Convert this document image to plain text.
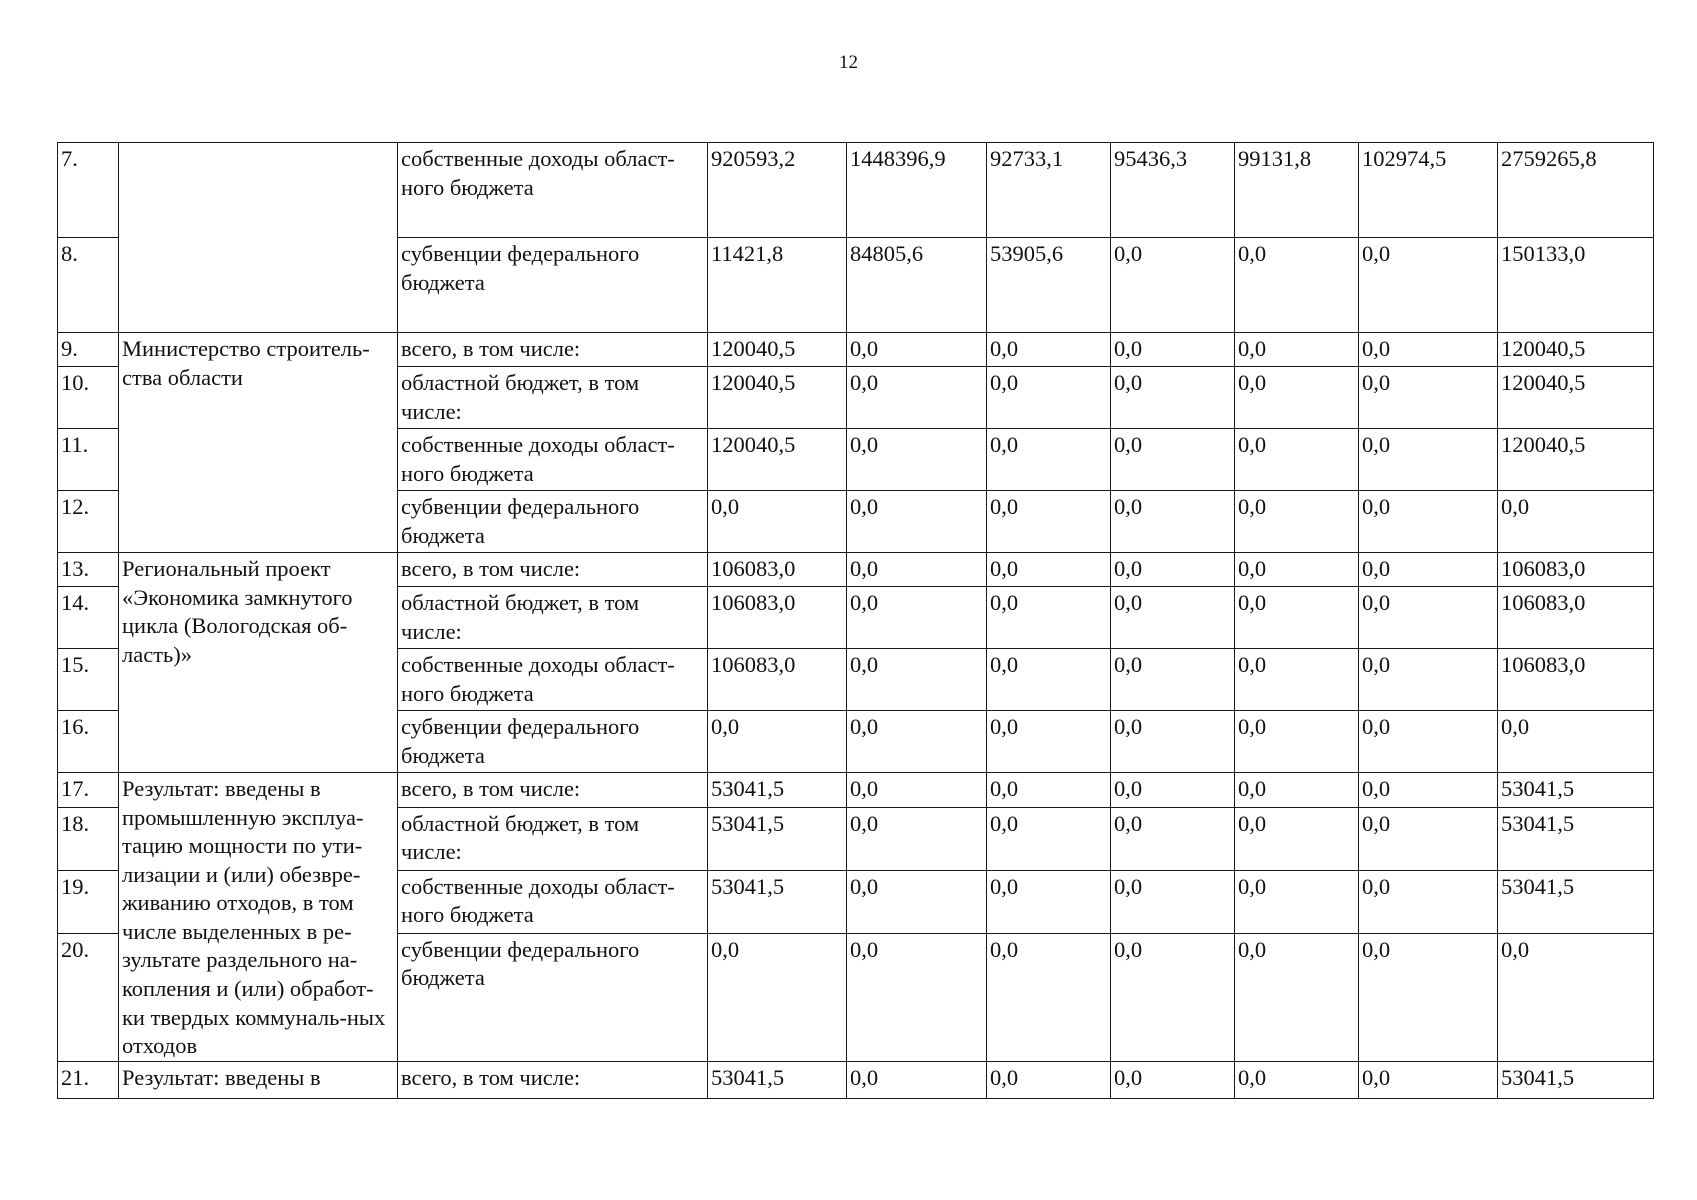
12
7.		собственные доходы област-ного бюджета	920593,2	1448396,9	92733,1	95436,3	99131,8	102974,5	2759265,8
8.		субвенции федерального бюджета	11421,8	84805,6	53905,6	0,0	0,0	0,0	150133,0
9.	Министерство строитель-ства области	всего, в том числе:	120040,5	0,0	0,0	0,0	0,0	0,0	120040,5
10.		областной бюджет, в том числе:	120040,5	0,0	0,0	0,0	0,0	0,0	120040,5
11.		собственные доходы област-ного бюджета	120040,5	0,0	0,0	0,0	0,0	0,0	120040,5
12.		субвенции федерального бюджета	0,0	0,0	0,0	0,0	0,0	0,0	0,0
13.	Региональный проект «Экономика замкнутого цикла (Вологодская об-ласть)»	всего, в том числе:	106083,0	0,0	0,0	0,0	0,0	0,0	106083,0
14.		областной бюджет, в том числе:	106083,0	0,0	0,0	0,0	0,0	0,0	106083,0
15.		собственные доходы област-ного бюджета	106083,0	0,0	0,0	0,0	0,0	0,0	106083,0
16.		субвенции федерального бюджета	0,0	0,0	0,0	0,0	0,0	0,0	0,0
17.	Результат: введены в промышленную эксплуа-тацию мощности по ути-лизации и (или) обезвре-живанию отходов, в том числе выделенных в ре-зультате раздельного на-копления и (или) обработ-ки твердых коммуналь-ных отходов	всего, в том числе:	53041,5	0,0	0,0	0,0	0,0	0,0	53041,5
18.		областной бюджет, в том числе:	53041,5	0,0	0,0	0,0	0,0	0,0	53041,5
19.		собственные доходы област-ного бюджета	53041,5	0,0	0,0	0,0	0,0	0,0	53041,5
20.		субвенции федерального бюджета	0,0	0,0	0,0	0,0	0,0	0,0	0,0
21.	Результат: введены в	всего, в том числе:	53041,5	0,0	0,0	0,0	0,0	0,0	53041,5
